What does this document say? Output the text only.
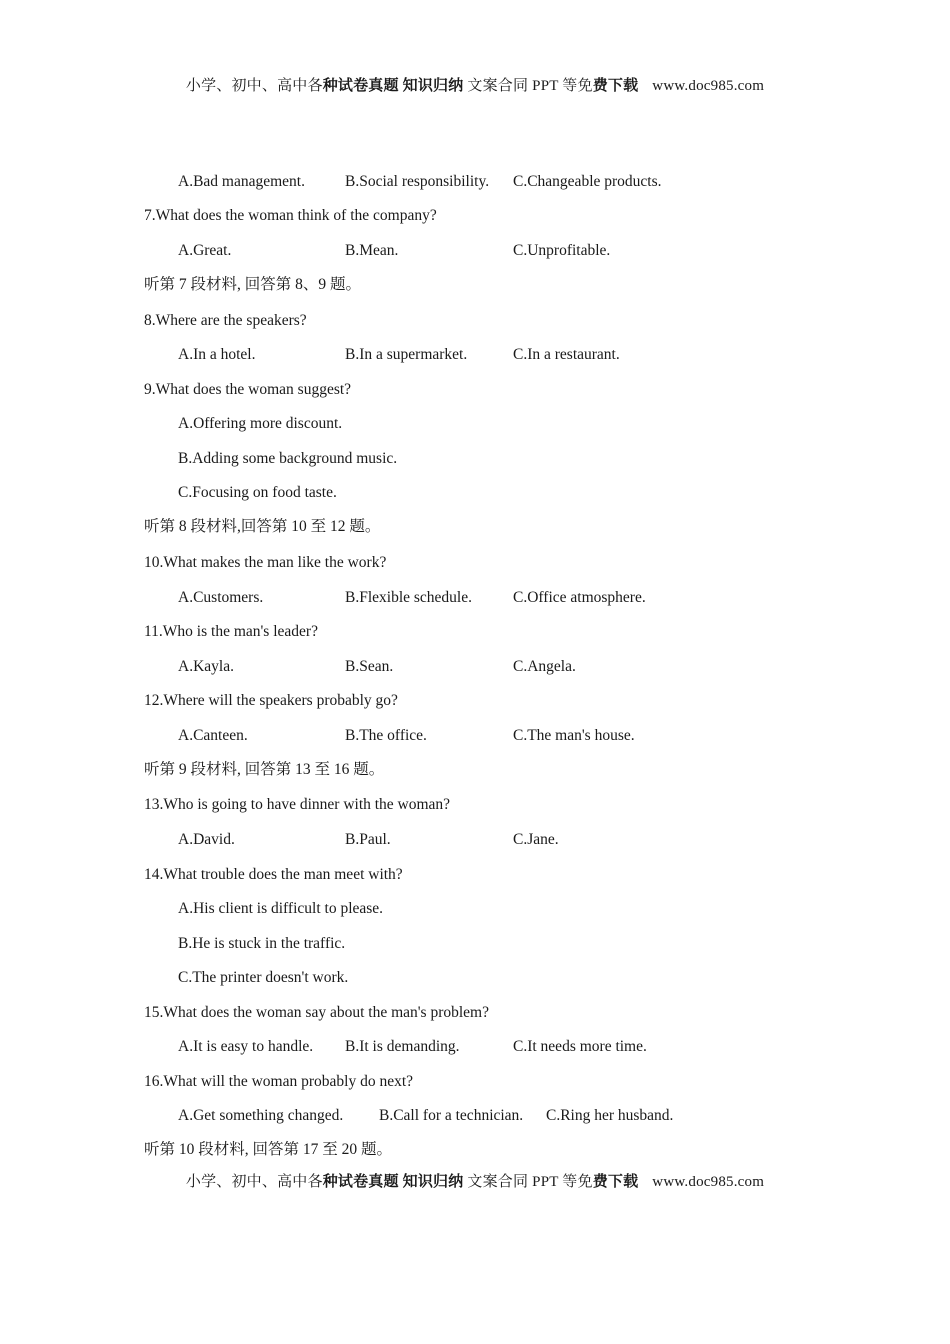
小学、初中、高中各种试卷真题 知识归纳 文案合同 PPT 等免费下载 www.doc985.com
A.Bad management.	B.Social responsibility. C.Changeable products.
7.What does the woman think of the company?
A.Great.	B.Mean.	C.Unprofitable.
听第 7 段材料, 回答第 8、9 题。
8.Where are the speakers?
A.In a hotel.	B.In a supermarket.	C.In a restaurant.
9.What does the woman suggest?
A.Offering more discount.
B.Adding some background music.
C.Focusing on food taste.
听第 8 段材料,回答第 10 至 12 题。
10.What makes the man like the work?
A.Customers.	B.Flexible schedule.	C.Office atmosphere.
11.Who is the man's leader?
A.Kayla.	B.Sean.	C.Angela.
12.Where will the speakers probably go?
A.Canteen.	B.The office.	C.The man's house.
听第 9 段材料, 回答第 13 至 16 题。
13.Who is going to have dinner with the woman?
A.David.	B.Paul.	C.Jane.
14.What trouble does the man meet with?
A.His client is difficult to please.
B.He is stuck in the traffic.
C.The printer doesn't work.
15.What does the woman say about the man's problem?
A.It is easy to handle. B.It is demanding.	C.It needs more time.
16.What will the woman probably do next?
A.Get something changed. B.Call for a technician. C.Ring her husband.
听第 10 段材料, 回答第 17 至 20 题。
小学、初中、高中各种试卷真题 知识归纳 文案合同 PPT 等免费下载 www.doc985.com
